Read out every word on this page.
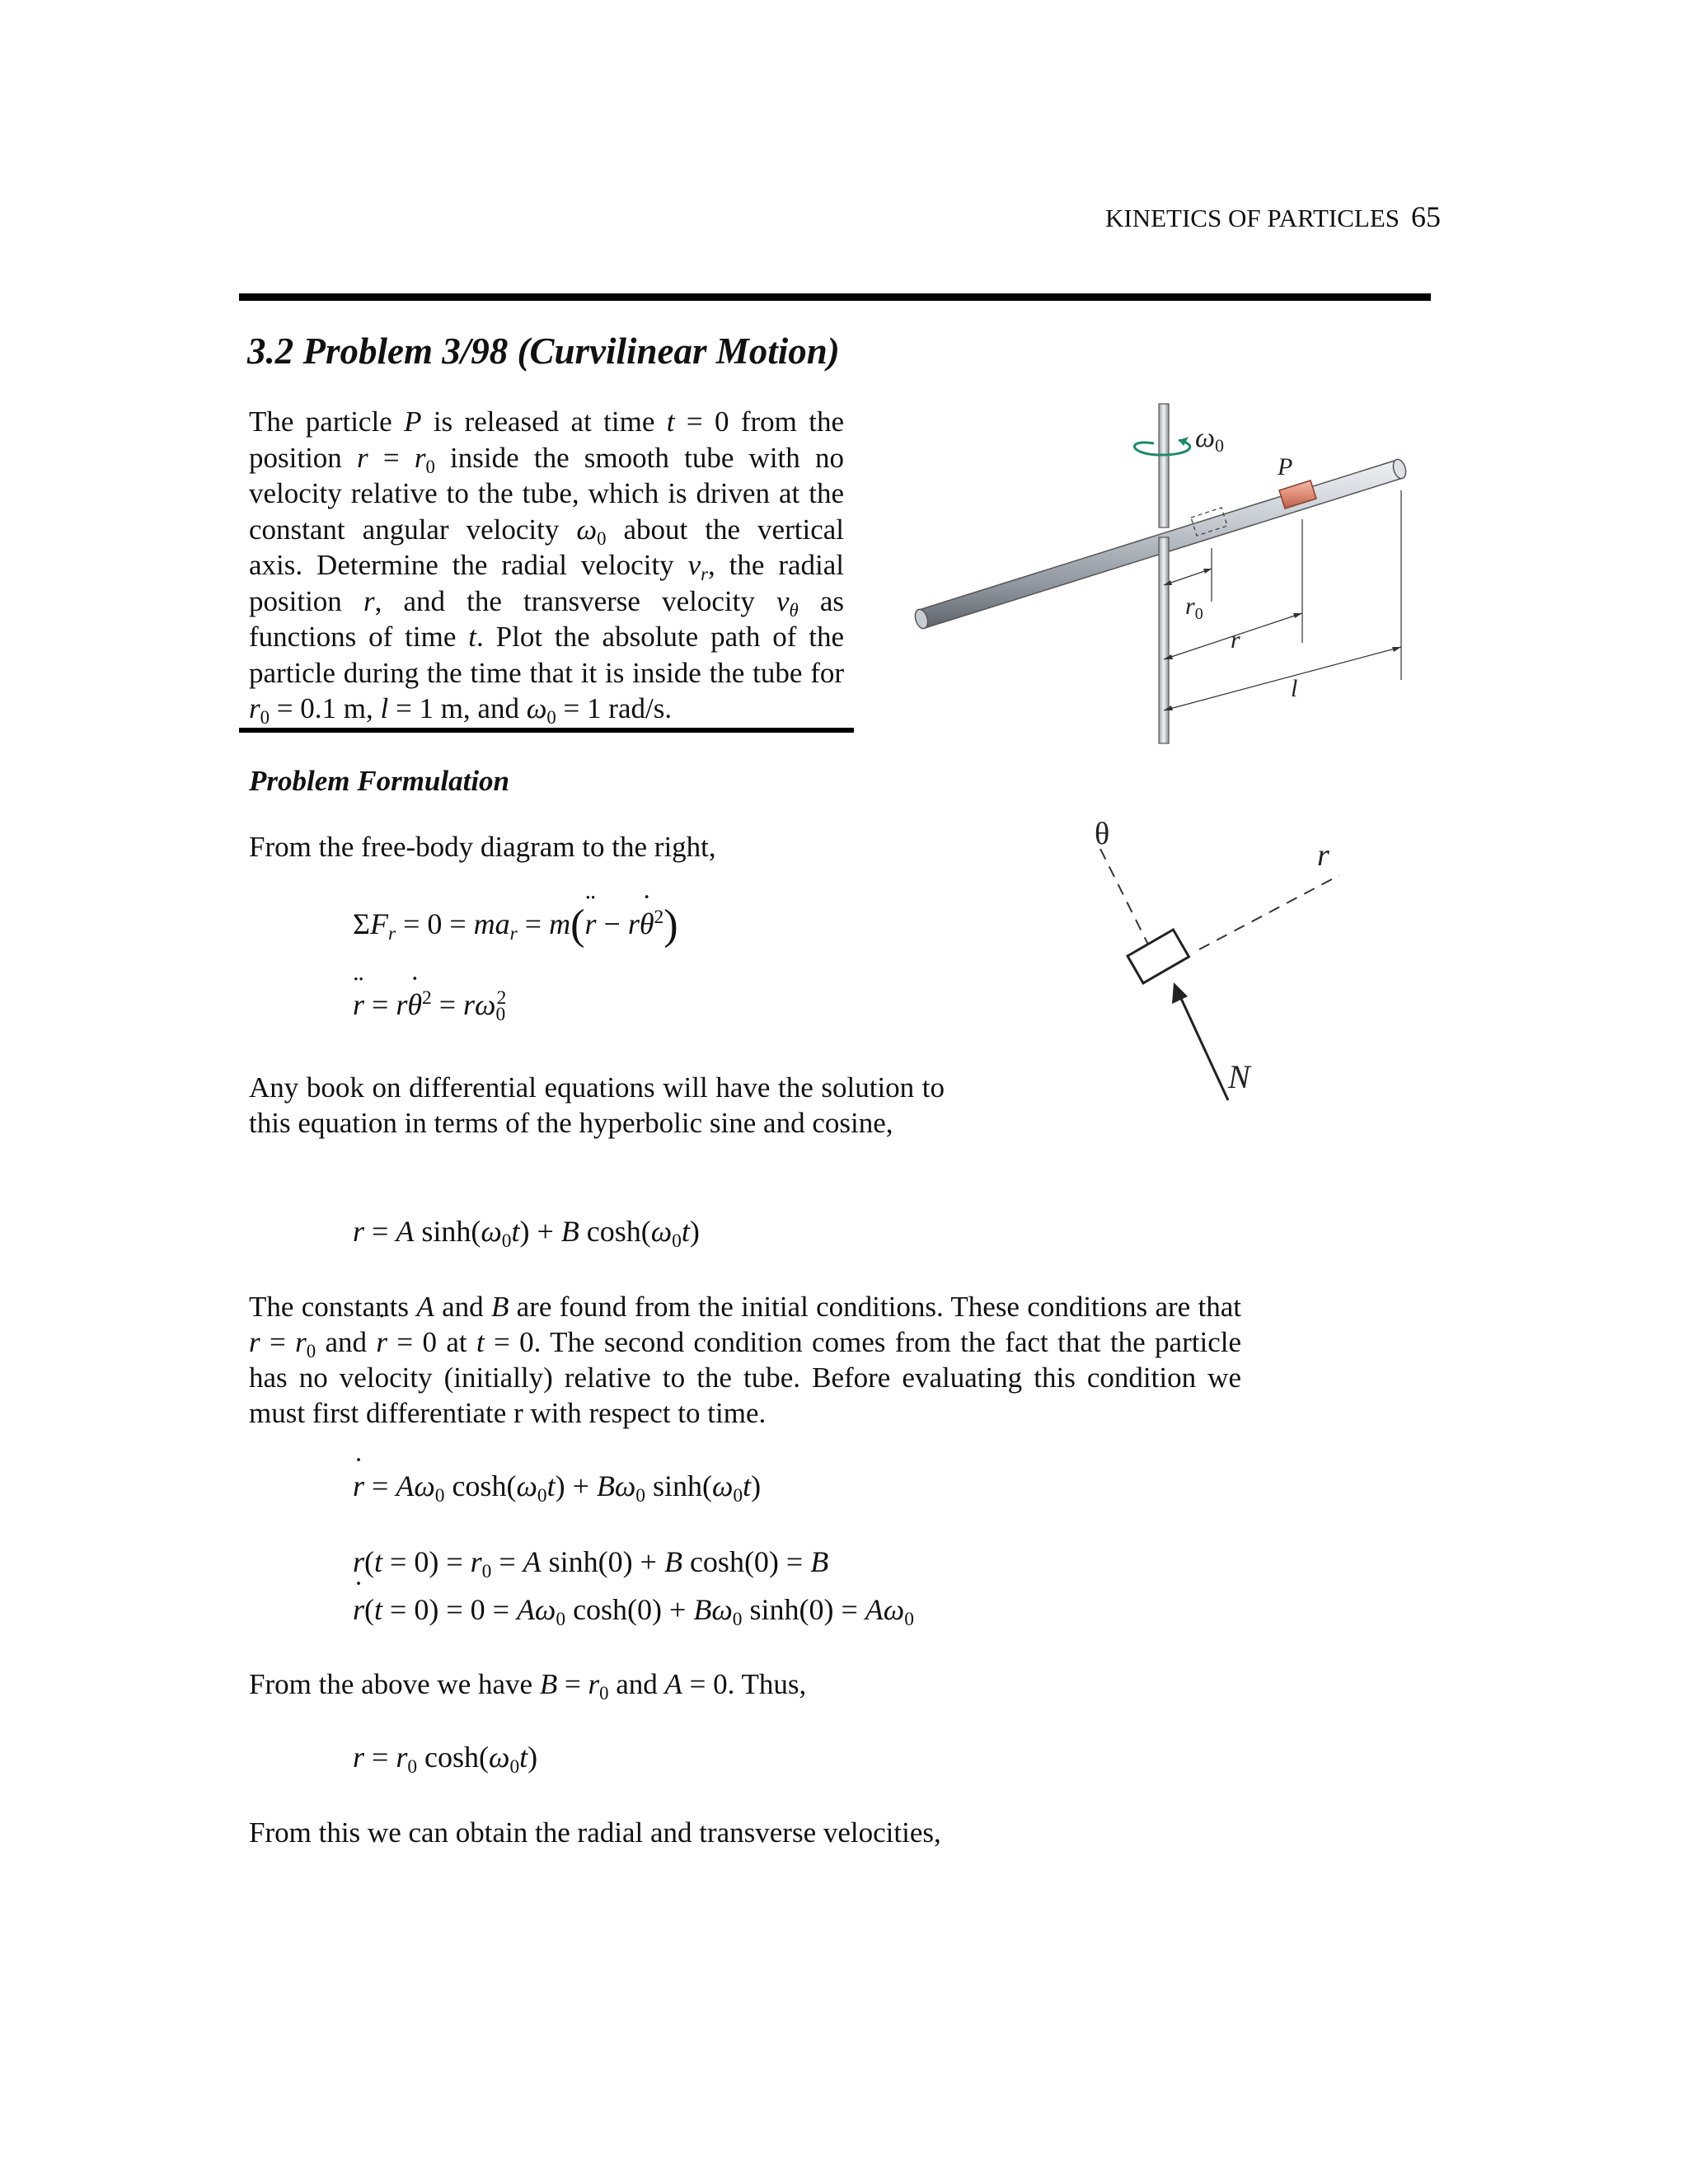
KINETICS OF PARTICLES 65
3.2 Problem 3/98 (Curvilinear Motion)

The particle P is released at time t = 0 from the position $r = r_0$ inside the smooth tube with no velocity relative to the tube, which is driven at the constant angular velocity $\omega_0$ about the vertical axis. Determine the radial velocity $v_r$, the radial position r, and the transverse velocity $v_\theta$ as functions of time t. Plot the absolute path of the particle during the time that it is inside the tube for $r_0 = 0.1$ m, l = 1 m, and $\omega_0 = 1$ rad/s.

ω0
P
$r_0$
r
l
Problem Formulation

From the free-body diagram to the right,	θ
r
N
$\Sigma F_r = 0 = ma_r = m(r$ ¨ − rθ ˙$^2$)
r ¨ = rθ ˙$^2$ = $r\omega_0^2$

Any book on differential equations will have the solution to this equation in terms of the hyperbolic sine and cosine,

r = A $\sinh(\omega_0t) + B$ $\cosh(\omega_0t)$

The constants A and B are found from the initial conditions. These conditions are that $r = r_0$ and r ˙ = 0 at t = 0. The second condition comes from the fact that the particle has no velocity (initially) relative to the tube. Before evaluating this condition we must first differentiate r with respect to time.

r ˙ = $A\omega_0$ $\cosh(\omega_0t) + B\omega_0$ $\sinh(\omega_0t)$
$r(t = 0) = r_0 = A$ sinh(0) + B cosh(0) = B
r ˙(t = $0) = 0 = A\omega_0$ $\cosh(0) + B\omega_0$ $\sinh(0) = A\omega_0$

From the above we have $B = r_0$ and A = 0. Thus,

$r = r_0$ $\cosh(\omega_0t)$

From this we can obtain the radial and transverse velocities,
